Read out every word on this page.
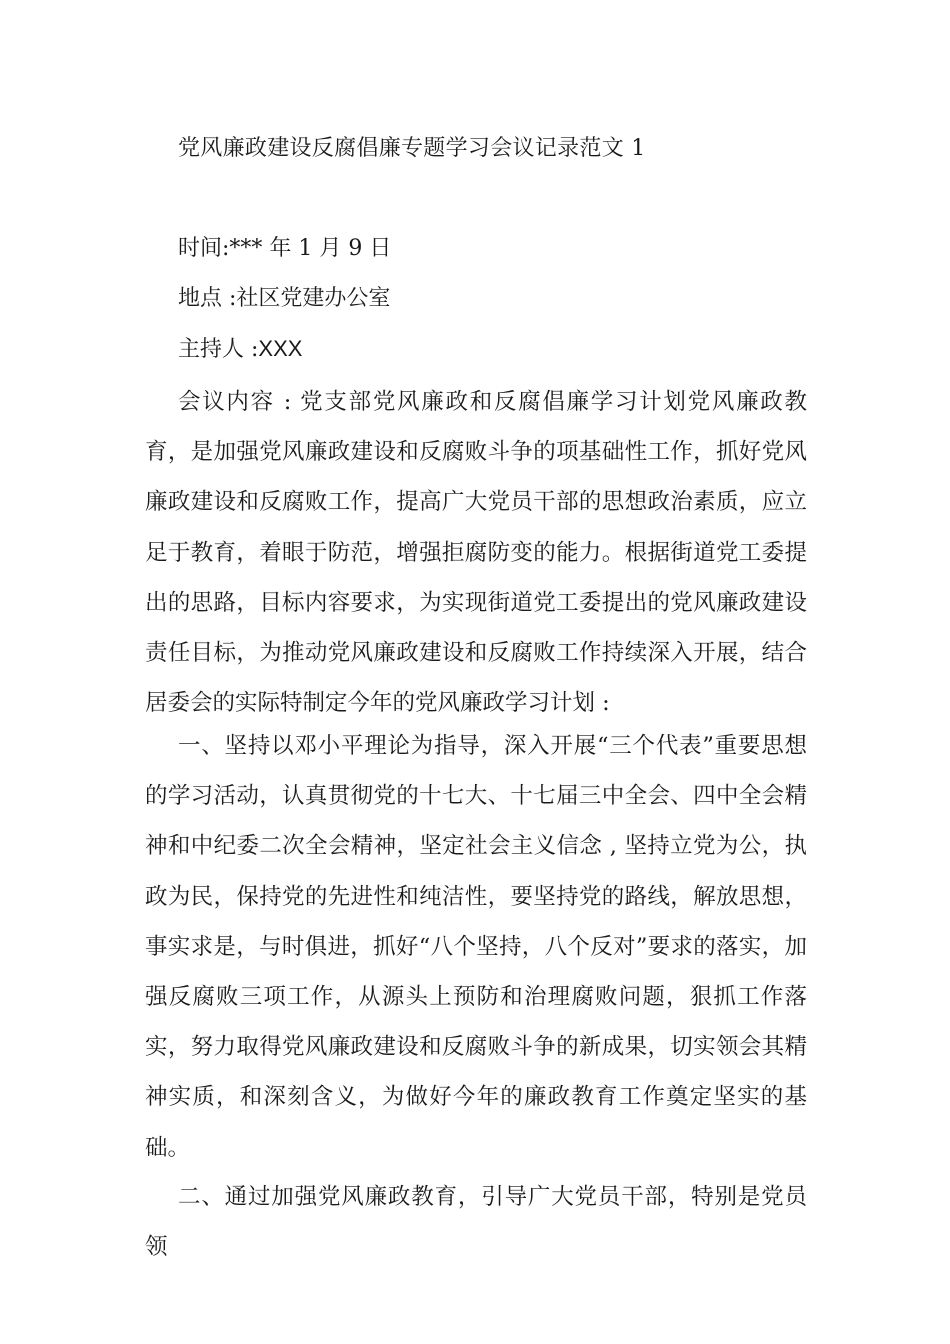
党风廉政建设反腐倡廉专题学习会议记录范文 1
时间:*** 年 1 月 9 日
地点 :社区党建办公室
主持人 :XXX

会议内容 : 党支部党风廉政和反腐倡廉学习计划党风廉政教育，是加强党风廉政建设和反腐败斗争的项基础性工作，抓好党风廉政建设和反腐败工作，提高广大党员干部的思想政治素质，应立足于教育，着眼于防范，增强拒腐防变的能力。根据街道党工委提出的思路，目标内容要求，为实现街道党工委提出的党风廉政建设责任目标，为推动党风廉政建设和反腐败工作持续深入开展，结合居委会的实际特制定今年的党风廉政学习计划 :

一、坚持以邓小平理论为指导，深入开展“三个代表”重要思想的学习活动，认真贯彻党的十七大、十七届三中全会、四中全会精神和中纪委二次全会精神，坚定社会主义信念 , 坚持立党为公，执政为民，保持党的先进性和纯洁性，要坚持党的路线，解放思想，事实求是，与时俱进，抓好“八个坚持，八个反对”要求的落实，加强反腐败三项工作，从源头上预防和治理腐败问题，狠抓工作落实，努力取得党风廉政建设和反腐败斗争的新成果，切实领会其精神实质，和深刻含义，为做好今年的廉政教育工作奠定坚实的基础。

二、通过加强党风廉政教育，引导广大党员干部，特别是党员领
